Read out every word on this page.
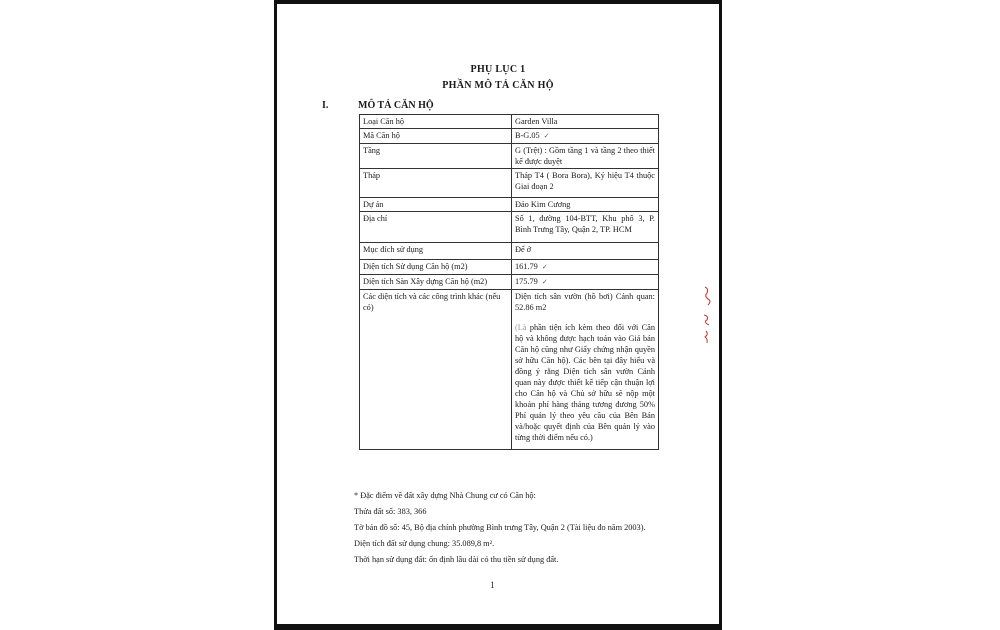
PHỤ LỤC 1
PHẦN MÔ TẢ CĂN HỘ
I.	MÔ TẢ CĂN HỘ
Loại Căn hộ	Garden Villa
Mã Căn hộ	B-G.05 ✓
Tầng	G (Trệt) : Gồm tầng 1 và tầng 2 theo thiết kế được duyệt
Tháp	Tháp T4 ( Bora Bora), Ký hiệu T4 thuộc Giai đoạn 2
Dự án	Đảo Kim Cương
Địa chỉ	Số 1, đường 104-BTT, Khu phố 3, P. Bình Trưng Tây, Quận 2, TP. HCM
Mục đích sử dụng	Để ở
Diện tích Sử dụng Căn hộ (m2)	161.79 ✓
Diện tích Sàn Xây dựng Căn hộ (m2)	175.79 ✓
Các diện tích và các công trình khác (nếu có)	Diện tích sân vườn (hồ bơi) Cảnh quan: 52.86 m2
(Là phần tiện ích kèm theo đối với Căn hộ và không được hạch toán vào Giá bán Căn hộ cũng như Giấy chứng nhận quyền sở hữu Căn hộ). Các bên tại đây hiểu và đồng ý rằng Diện tích sân vườn Cảnh quan này được thiết kế tiếp cận thuận lợi cho Căn hộ và Chủ sở hữu sẽ nộp một khoản phí hàng tháng tương đương 50% Phí quản lý theo yêu cầu của Bên Bán và/hoặc quyết định của Bên quản lý vào từng thời điểm nếu có.)

* Đặc điểm về đất xây dựng Nhà Chung cư có Căn hộ:

Thửa đất số: 383, 366

Tờ bản đồ số: 45, Bộ địa chính phường Bình trưng Tây, Quận 2 (Tài liệu đo năm 2003).

Diện tích đất sử dụng chung: 35.089,8 m².

Thời hạn sử dụng đất: ổn định lâu dài có thu tiền sử dụng đất.

1
